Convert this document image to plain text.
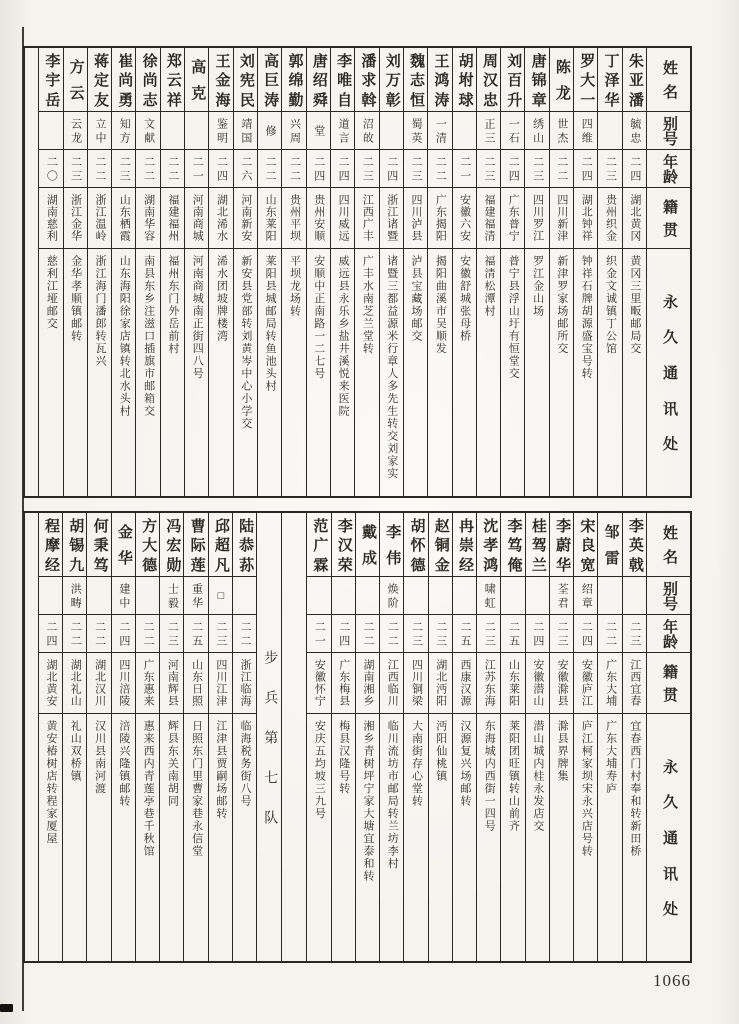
姓
名
别
号
年
龄
籍
贯
永
久
通
讯
处
朱
亚
潘
毓忠
二四
湖北黄冈
黄冈三里畈邮局交
丁
泽
华
二三
贵州织金
织金文诚镇丁公馆
罗
大
一
四维
二四
湖北钟祥
钟祥石牌胡源盛宝号转
陈
龙
世杰
二二
四川新津
新津罗家场邮所交
唐
锦
章
绣山
二三
四川罗江
罗江金山场
刘
百
升
一石
二四
广东普宁
普宁县浮山圩有恒堂交
周
汉
忠
正三
二三
福建福清
福清松潭村
胡
坿
球
二一
安徽六安
安徽舒城张母桥
王
鸿
涛
一清
二二
广东揭阳
揭阳曲溪市吴顺发
魏
志
恒
蜀英
二三
四川泸县
泸县宝藏场邮交
刘
万
彰
二四
浙江诸暨
诸暨三都益源米行章人多先生转交刘家实
潘
求
斡
沼敀
二三
江西广丰
广丰水南芝兰堂转
李
唯
自
道言
二四
四川威远
威远县永乐乡盐井溪悦来医院
唐
绍
舜
堂
二四
贵州安顺
安顺中正南路一二七号
郭
绵
勤
兴周
二二
贵州平坝
平坝龙场转
高
巨
涛
修
二二
山东莱阳
莱阳县城邮局转鱼池头村
刘
宪
民
靖国
二六
河南新安
新安县党部转刘黄岑中心小学交
王
金
海
鉴明
二四
湖北浠水
浠水团坡牌楼湾
高
克
二一
河南商城
河南商城南正街四八号
郑
云
祥
二二
福建福州
福州东门外岳前村
徐
尚
志
文献
二二
湖南华容
南县东乡注滋口插旗市邮箱交
崔
尚
勇
知方
二三
山东栖霞
山东海阳徐家店镇转北水头村
蒋
定
友
立中
二二
浙江温岭
浙江海门潘郎转瓦兴
方
云
云龙
二三
浙江金华
金华孝顺镇邮转
李
宇
岳
二〇
湖南慈利
慈利江垭邮交
姓
名
别
号
年
龄
籍
贯
永
久
通
讯
处
李
英
戟
二三
江西宜春
宜春西门村奉和转新田桥
邹
雷
二二
广东大埔
广东大埔寿庐
宋
良
宽
绍章
二四
安徽庐江
庐江柯家坝宋永兴店号转
李
蔚
华
荃君
二三
安徽滁县
滁县界牌集
桂
驾
兰
二四
安徽潜山
潜山城内桂永发店交
李
笃
俺
二五
山东莱阳
莱阳团旺镇转山前齐
沈
孝
鸿
啸虹
二三
江苏东海
东海城内西街一四号
冉
崇
经
二五
西康汉源
汉源复兴场邮转
赵
铜
金
二三
湖北沔阳
沔阳仙桃镇
胡
怀
德
二三
四川铜梁
大南街存心堂转
李
伟
焕阶
二二
江西临川
临川流坊市邮局转兰坊李村
戴
成
二二
湖南湘乡
湘乡青树坪宁家大塘宜泰和转
李
汉
荣
二四
广东梅县
梅县汉隆号转
范
广
霖
二一
安徽怀宁
安庆五均坡三九号
步
兵
第
七
队
陆
恭
荪
二二
浙江临海
临海税务街八号
邱
超
凡
□
二三
四川江津
江津县贾嗣场邮转
曹
际
莲
重华
二五
山东日照
日照东门里曹家巷永信堂
冯
宏
勋
士毅
二三
河南辉县
辉县东关南胡同
方
大
德
二二
广东惠来
惠来西内青莲亭巷千秋馆
金
华
建中
二四
四川涪陵
涪陵兴隆镇邮转
何
秉
笃
二二
湖北汉川
汉川县南河渡
胡
锡
九
洪畴
二二
湖北礼山
礼山双桥镇
程
摩
经
二四
湖北黄安
黄安椿树店转程家厦屋
1066
